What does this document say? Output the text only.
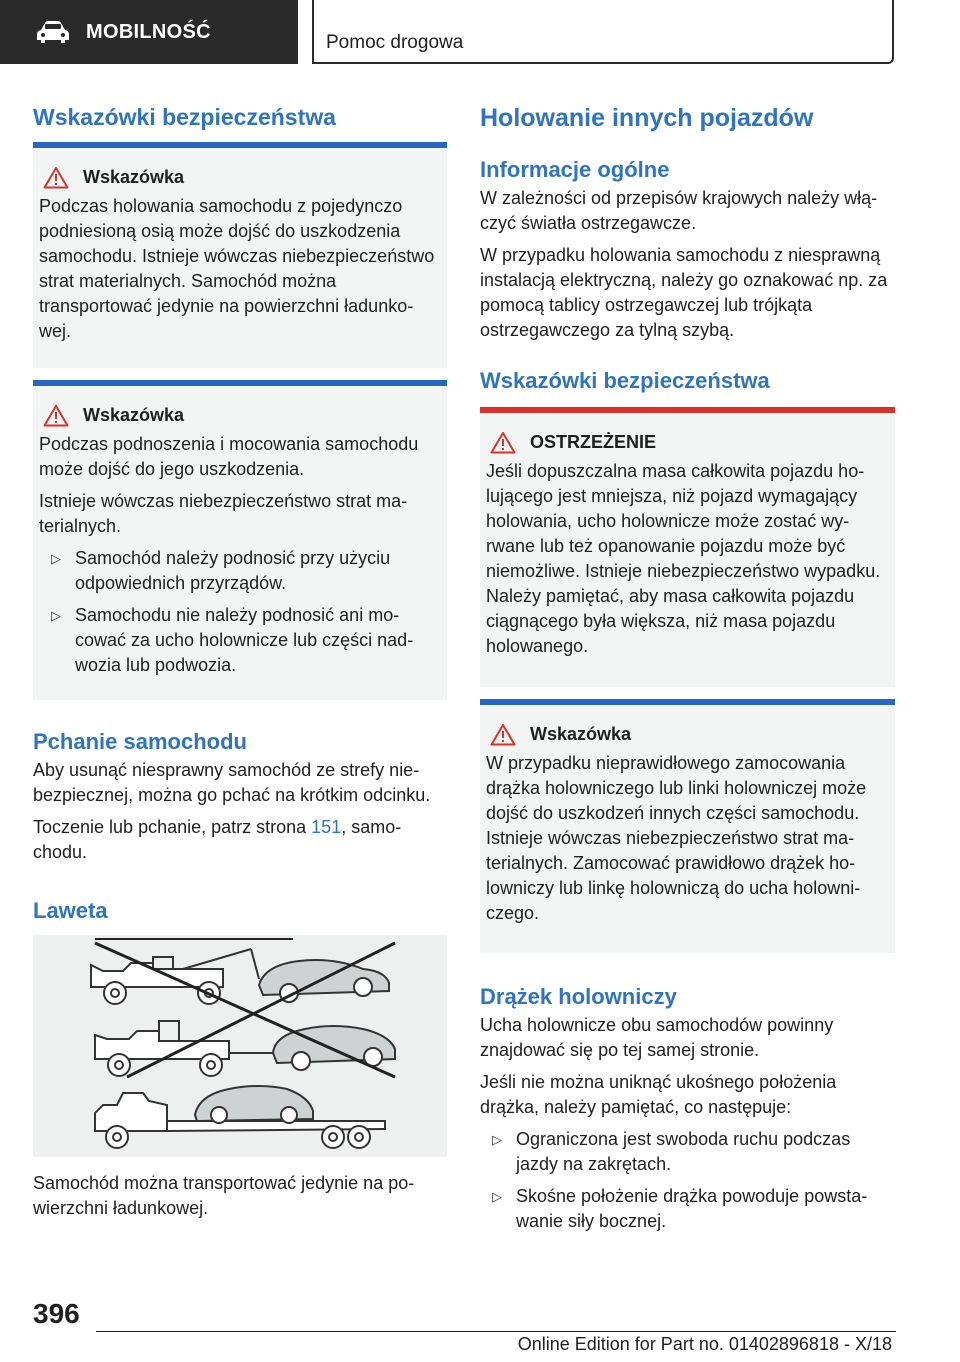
MOBILNOŚĆ	Pomoc drogowa
Wskazówki bezpieczeństwa
Wskazówka

Podczas holowania samochodu z pojedynczo podniesioną osią może dojść do uszkodzenia samochodu. Istnieje wówczas niebezpieczeństwo strat materialnych. Samochód można transportować jedynie na powierzchni ładunkowej.

Wskazówka

Podczas podnoszenia i mocowania samochodu może dojść do jego uszkodzenia.

Istnieje wówczas niebezpieczeństwo strat materialnych.

▷ Samochód należy podnosić przy użyciu odpowiednich przyrządów.
▷ Samochodu nie należy podnosić ani mocować za ucho holownicze lub części nadwozia lub podwozia.
Pchanie samochodu

Aby usunąć niesprawny samochód ze strefy niebezpiecznej, można go pchać na krótkim odcinku.

Toczenie lub pchanie, patrz strona 151, samochodu.

Laweta

Samochód można transportować jedynie na powierzchni ładunkowej.

Holowanie innych pojazdów
Informacje ogólne

W zależności od przepisów krajowych należy włączyć światła ostrzegawcze.

W przypadku holowania samochodu z niesprawną instalacją elektryczną, należy go oznakować np. za pomocą tablicy ostrzegawczej lub trójkąta ostrzegawczego za tylną szybą.

Wskazówki bezpieczeństwa
OSTRZEŻENIE

Jeśli dopuszczalna masa całkowita pojazdu holującego jest mniejsza, niż pojazd wymagający holowania, ucho holownicze może zostać wyrwane lub też opanowanie pojazdu może być niemożliwe. Istnieje niebezpieczeństwo wypadku. Należy pamiętać, aby masa całkowita pojazdu ciągnącego była większa, niż masa pojazdu holowanego.

Wskazówka

W przypadku nieprawidłowego zamocowania drążka holowniczego lub linki holowniczej może dojść do uszkodzeń innych części samochodu. Istnieje wówczas niebezpieczeństwo strat materialnych. Zamocować prawidłowo drążek holowniczy lub linkę holowniczą do ucha holowniczego.

Drążek holowniczy

Ucha holownicze obu samochodów powinny znajdować się po tej samej stronie.

Jeśli nie można uniknąć ukośnego położenia drążka, należy pamiętać, co następuje:

▷ Ograniczona jest swoboda ruchu podczas jazdy na zakrętach.
▷ Skośne położenie drążka powoduje powstawanie siły bocznej.
396
Online Edition for Part no. 01402896818 - X/18
